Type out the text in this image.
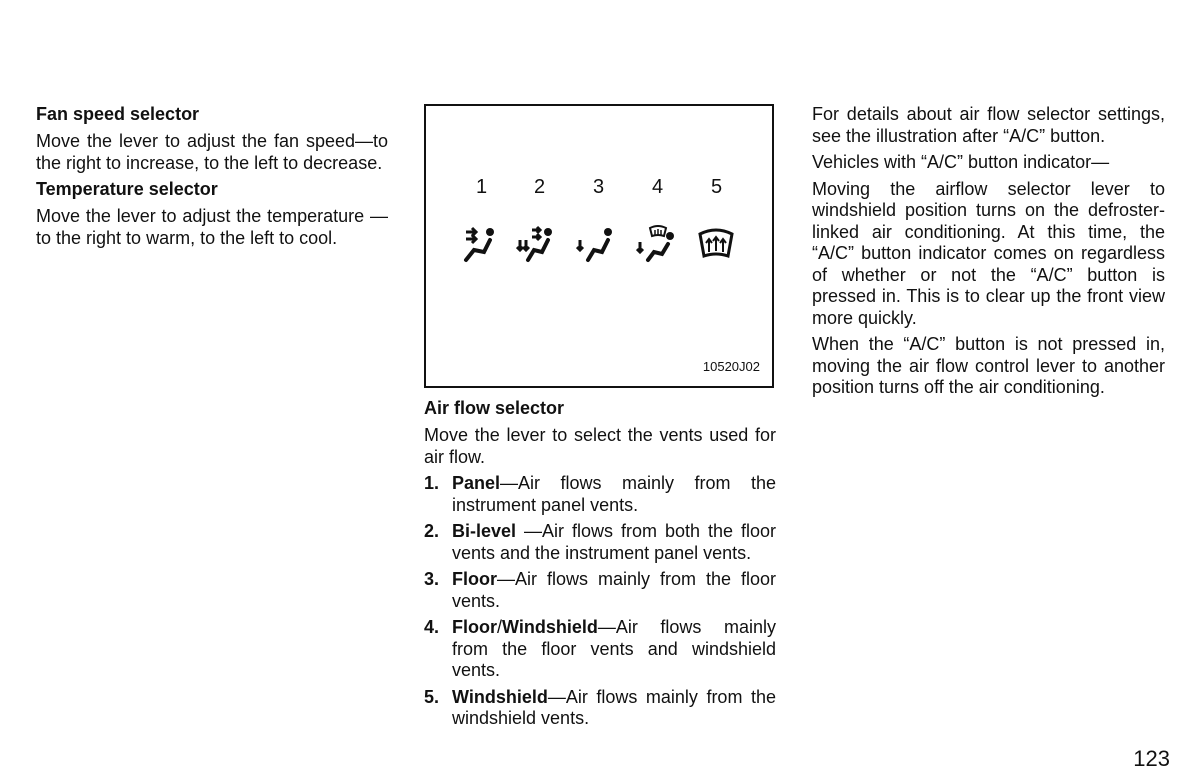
Fan speed selector

Move the lever to adjust the fan speed—to the right to increase, to the left to decrease.

Temperature selector

Move the lever to adjust the temperature —to the right to warm, to the left to cool.

1 2 3 4 5
10520J02
Air flow selector

Move the lever to select the vents used for air flow.

1. Panel—Air flows mainly from the instrument panel vents.
2. Bi-level —Air flows from both the floor vents and the instrument panel vents.
3. Floor—Air flows mainly from the floor vents.
4. Floor/Windshield—Air flows mainly from the floor vents and windshield vents.
5. Windshield—Air flows mainly from the windshield vents.

For details about air flow selector settings, see the illustration after “A/C” button.

Vehicles with “A/C” button indicator—

Moving the airflow selector lever to windshield position turns on the defroster-linked air conditioning. At this time, the “A/C” button indicator comes on regardless of whether or not the “A/C” button is pressed in. This is to clear up the front view more quickly.

When the “A/C” button is not pressed in, moving the air flow control lever to another position turns off the air conditioning.

123
